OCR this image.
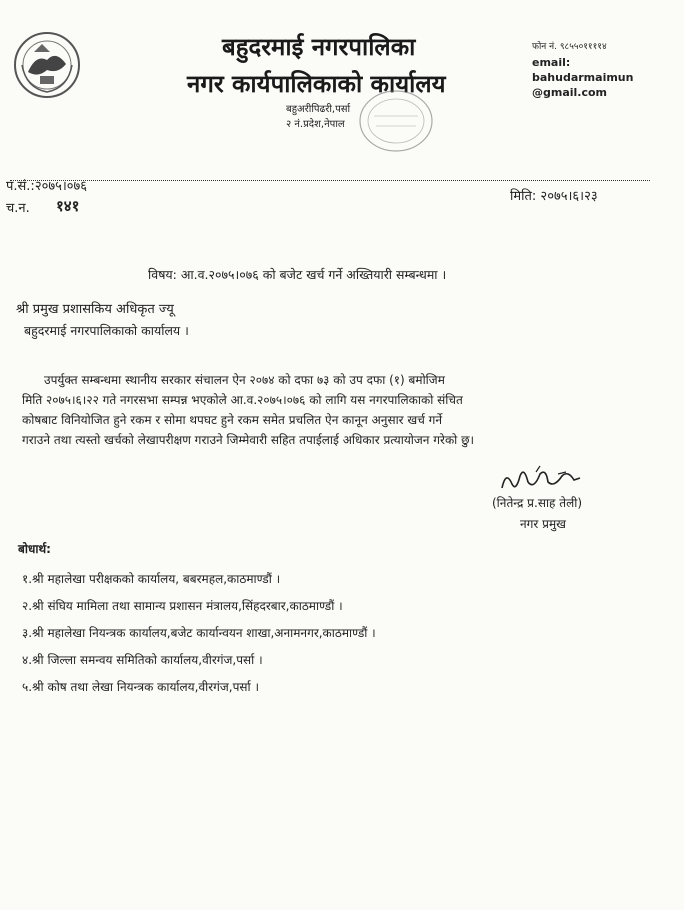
बहुदरमाई नगरपालिका
नगर कार्यपालिकाको कार्यालय
बहुअरीपिढरी,पर्सा
२ नं.प्रदेश,नेपाल
फोन नं. ९८५५०११११४
email:
bahudarmaimun
@gmail.com
प.सं.:२०७५।०७६
च.न. १४१
मिति: २०७५।६।२३
विषय: आ.व.२०७५।०७६ को बजेट खर्च गर्ने अख्तियारी सम्बन्धमा ।
श्री प्रमुख प्रशासकिय अधिकृत ज्यू
बहुदरमाई नगरपालिकाको कार्यालय ।
उपर्युक्त सम्बन्धमा स्थानीय सरकार संचालन ऐन २०७४ को दफा ७३ को उप दफा (१) बमोजिम
मिति २०७५।६।२२ गते नगरसभा सम्पन्न भएकोले आ.व.२०७५।०७६ को लागि यस नगरपालिकाको संचित
कोषबाट विनियोजित हुने रकम र सोमा थपघट हुने रकम समेत प्रचलित ऐन कानून अनुसार खर्च गर्ने
गराउने तथा त्यस्तो खर्चको लेखापरीक्षण गराउने जिम्मेवारी सहित तपाईलाई अधिकार प्रत्यायोजन गरेको छु।
(नितेन्द्र प्र.साह तेली)
नगर प्रमुख
बोधार्थ:
१.श्री महालेखा परीक्षकको कार्यालय, बबरमहल,काठमाण्डौं ।
२.श्री संघिय मामिला तथा सामान्य प्रशासन मंत्रालय,सिंहदरबार,काठमाण्डौं ।
३.श्री महालेखा नियन्त्रक कार्यालय,बजेट कार्यान्वयन शाखा,अनामनगर,काठमाण्डौं ।
४.श्री जिल्ला समन्वय समितिको कार्यालय,वीरगंज,पर्सा ।
५.श्री कोष तथा लेखा नियन्त्रक कार्यालय,वीरगंज,पर्सा ।
